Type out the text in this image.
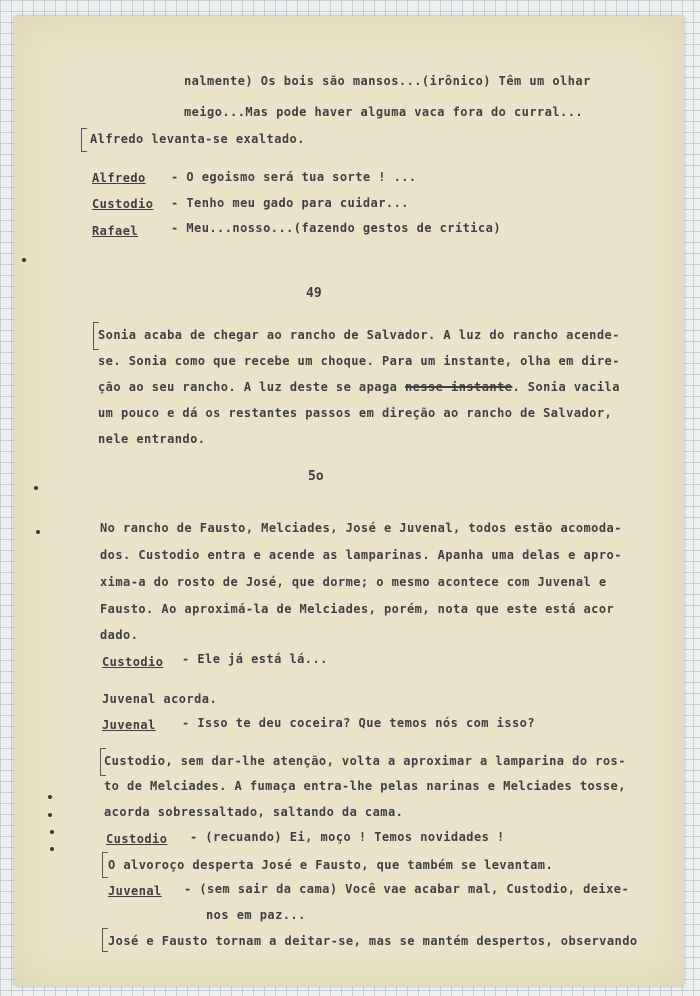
nalmente) Os bois são mansos...(irônico) Têm um olhar
meigo...Mas pode haver alguma vaca fora do curral...
Alfredo levanta-se exaltado.
Alfredo - O egoismo será tua sorte ! ...
Custodio - Tenho meu gado para cuidar...
Rafael	- Meu...nosso...(fazendo gestos de crítica)
49
Sonia acaba de chegar ao rancho de Salvador. A luz do rancho acende-
se. Sonia como que recebe um choque. Para um instante, olha em dire-
ção ao seu rancho. A luz deste se apaga nesse instante. Sonia vacila
um pouco e dá os restantes passos em direção ao rancho de Salvador,
nele entrando.
5o
No rancho de Fausto, Melciades, José e Juvenal, todos estão acomoda-
dos. Custodio entra e acende as lamparinas. Apanha uma delas e apro-
xima-a do rosto de José, que dorme; o mesmo acontece com Juvenal e
Fausto. Ao aproximá-la de Melciades, porém, nota que este está acor
dado.
Custodio - Ele já está lá...
Juvenal acorda.
Juvenal - Isso te deu coceira? Que temos nós com isso?
Custodio, sem dar-lhe atenção, volta a aproximar a lamparina do ros-
to de Melciades. A fumaça entra-lhe pelas narinas e Melciades tosse,
acorda sobressaltado, saltando da cama.
Custodio - (recuando) Ei, moço ! Temos novidades !
O alvoroço desperta José e Fausto, que também se levantam.
Juvenal - (sem sair da cama) Você vae acabar mal, Custodio, deixe-
nos em paz...
José e Fausto tornam a deitar-se, mas se mantém despertos, observando
